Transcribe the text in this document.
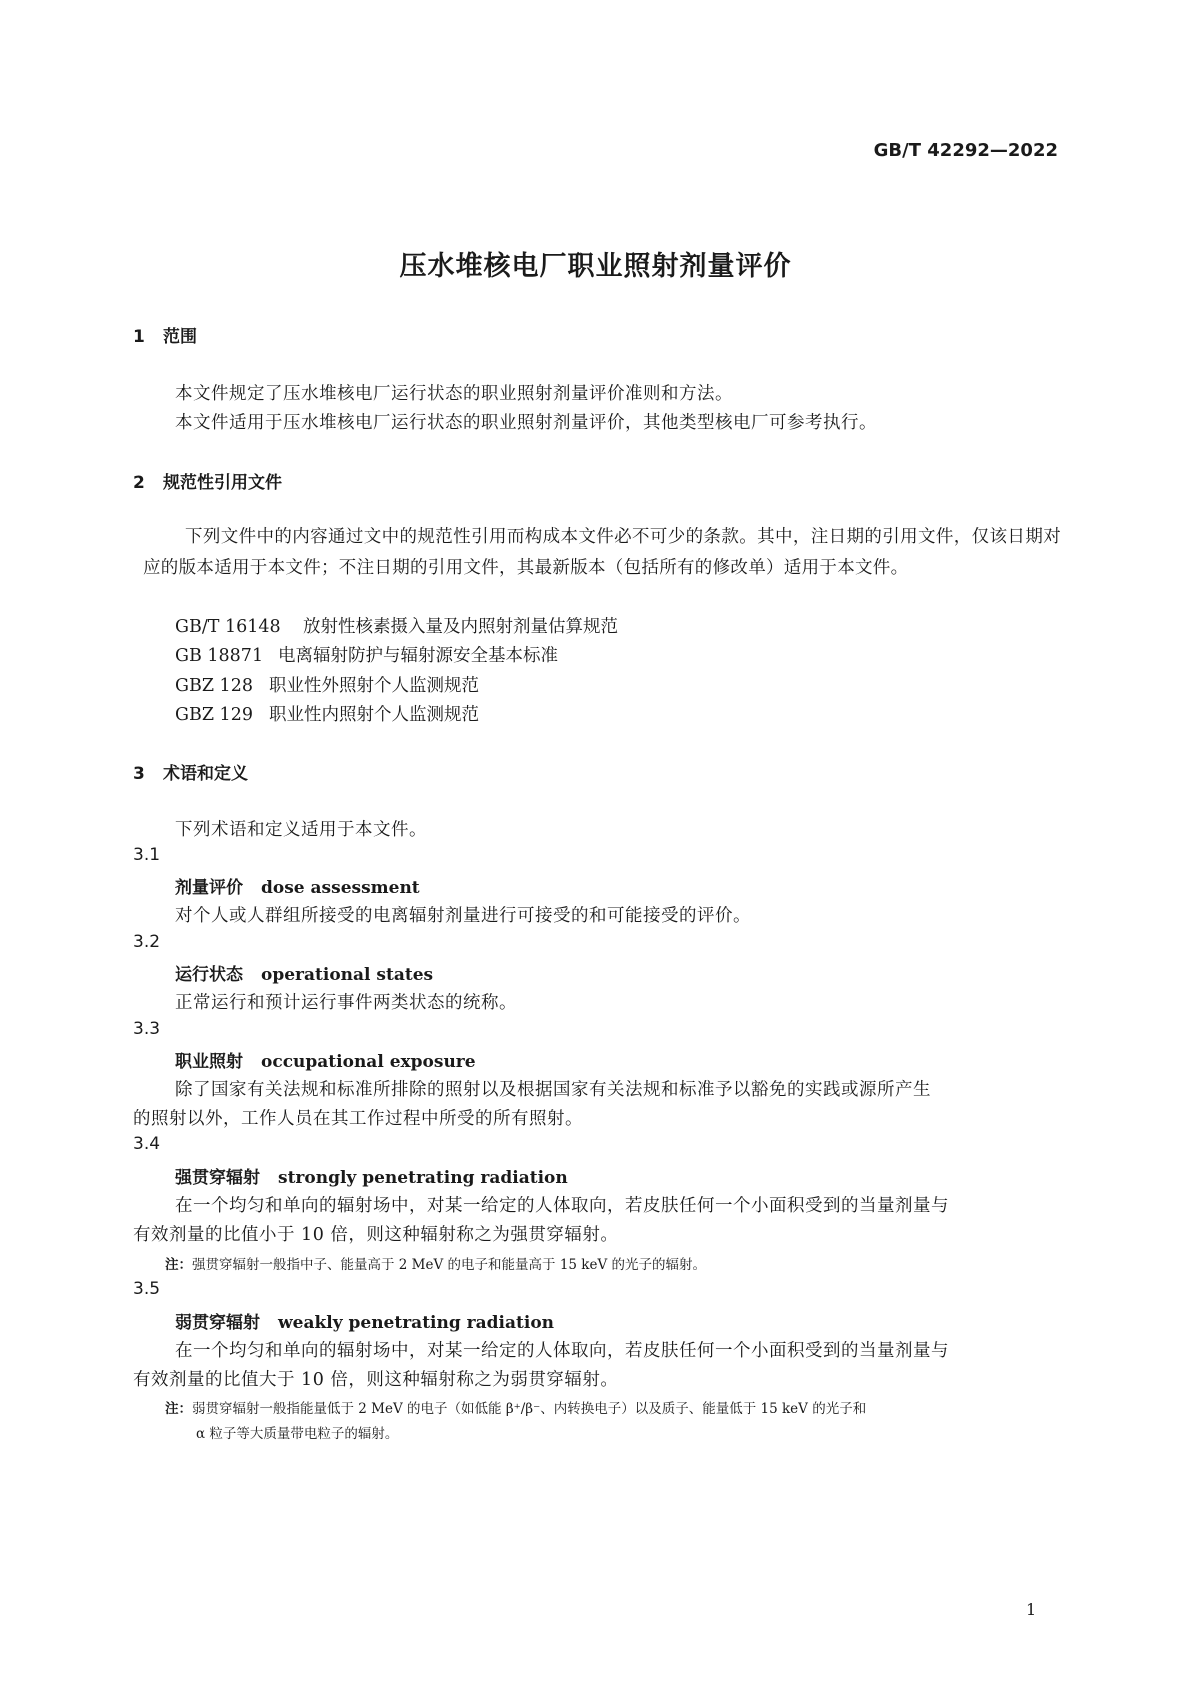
GB/T 42292—2022
压水堆核电厂职业照射剂量评价
1 范围
本文件规定了压水堆核电厂运行状态的职业照射剂量评价准则和方法。
本文件适用于压水堆核电厂运行状态的职业照射剂量评价，其他类型核电厂可参考执行。
2 规范性引用文件
下列文件中的内容通过文中的规范性引用而构成本文件必不可少的条款。其中，注日期的引用文件，仅该日期对应的版本适用于本文件；不注日期的引用文件，其最新版本（包括所有的修改单）适用于本文件。
GB/T 16148 放射性核素摄入量及内照射剂量估算规范
GB 18871 电离辐射防护与辐射源安全基本标准
GBZ 128 职业性外照射个人监测规范
GBZ 129 职业性内照射个人监测规范
3 术语和定义
下列术语和定义适用于本文件。
3.1
剂量评价 dose assessment
对个人或人群组所接受的电离辐射剂量进行可接受的和可能接受的评价。
3.2
运行状态 operational states
正常运行和预计运行事件两类状态的统称。
3.3
职业照射 occupational exposure
除了国家有关法规和标准所排除的照射以及根据国家有关法规和标准予以豁免的实践或源所产生
的照射以外，工作人员在其工作过程中所受的所有照射。
3.4
强贯穿辐射 strongly penetrating radiation
在一个均匀和单向的辐射场中，对某一给定的人体取向，若皮肤任何一个小面积受到的当量剂量与
有效剂量的比值小于 10 倍，则这种辐射称之为强贯穿辐射。
注：强贯穿辐射一般指中子、能量高于 2 MeV 的电子和能量高于 15 keV 的光子的辐射。
3.5
弱贯穿辐射 weakly penetrating radiation
在一个均匀和单向的辐射场中，对某一给定的人体取向，若皮肤任何一个小面积受到的当量剂量与
有效剂量的比值大于 10 倍，则这种辐射称之为弱贯穿辐射。
注：弱贯穿辐射一般指能量低于 2 MeV 的电子（如低能 β⁺/β⁻、内转换电子）以及质子、能量低于 15 keV 的光子和
α 粒子等大质量带电粒子的辐射。
1
